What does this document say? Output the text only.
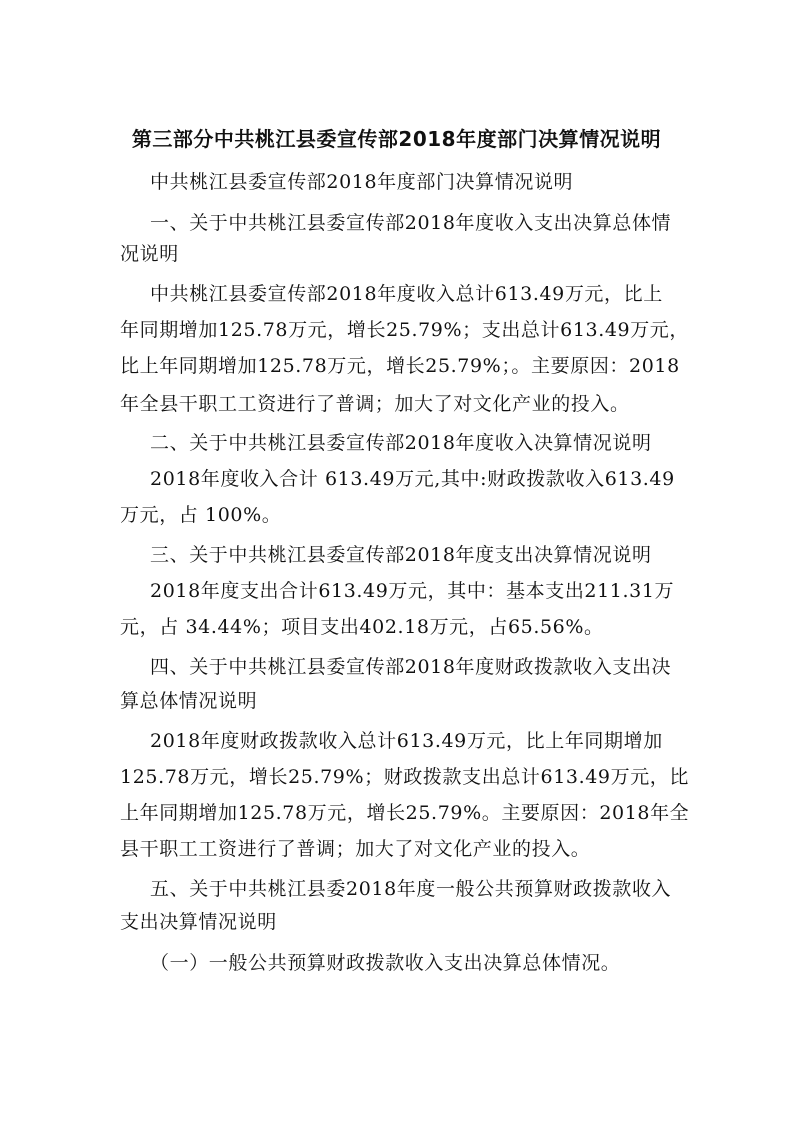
第三部分中共桃江县委宣传部2018年度部门决算情况说明

中共桃江县委宣传部2018年度部门决算情况说明

一、关于中共桃江县委宣传部2018年度收入支出决算总体情

况说明

中共桃江县委宣传部2018年度收入总计613.49万元，比上

年同期增加125.78万元，增长25.79%；支出总计613.49万元，

比上年同期增加125.78万元，增长25.79%；。主要原因：2018

年全县干职工工资进行了普调；加大了对文化产业的投入。

二、关于中共桃江县委宣传部2018年度收入决算情况说明

2018年度收入合计 613.49万元,其中:财政拨款收入613.49

万元，占 100%。

三、关于中共桃江县委宣传部2018年度支出决算情况说明

2018年度支出合计613.49万元，其中：基本支出211.31万

元，占 34.44%；项目支出402.18万元，占65.56%。

四、关于中共桃江县委宣传部2018年度财政拨款收入支出决

算总体情况说明

2018年度财政拨款收入总计613.49万元，比上年同期增加

125.78万元，增长25.79%；财政拨款支出总计613.49万元，比

上年同期增加125.78万元，增长25.79%。主要原因：2018年全

县干职工工资进行了普调；加大了对文化产业的投入。

五、关于中共桃江县委2018年度一般公共预算财政拨款收入

支出决算情况说明

（一）一般公共预算财政拨款收入支出决算总体情况。
